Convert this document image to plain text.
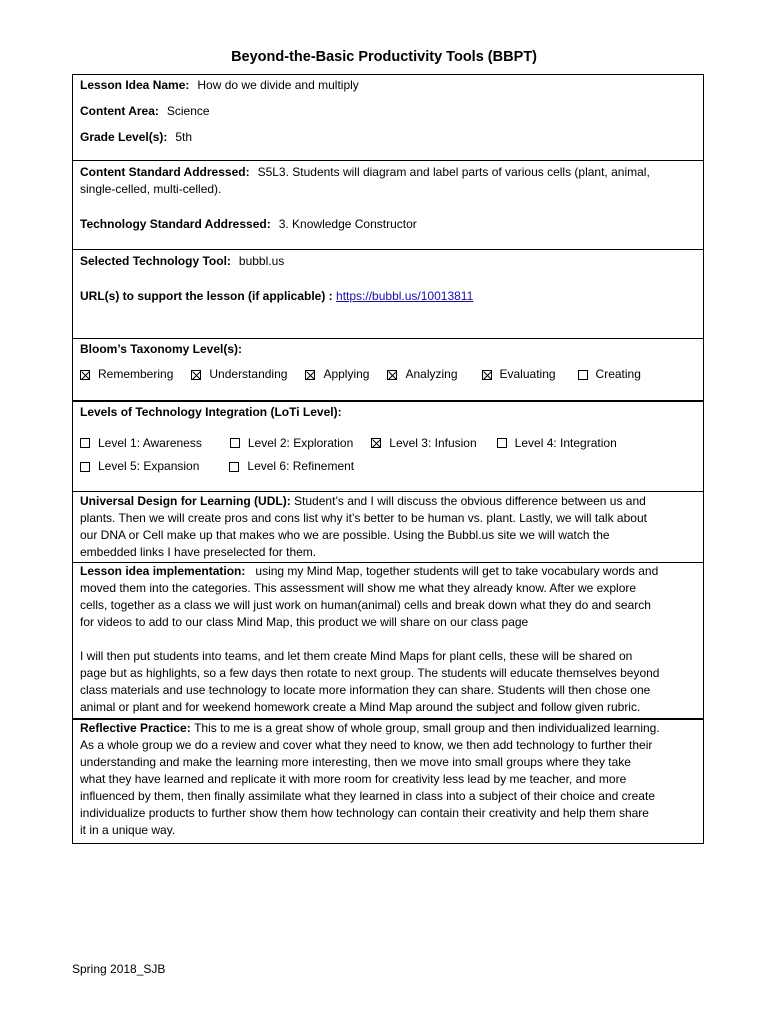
Beyond-the-Basic Productivity Tools (BBPT)
Lesson Idea Name: How do we divide and multiply
Content Area: Science
Grade Level(s): 5th
Content Standard Addressed: S5L3. Students will diagram and label parts of various cells (plant, animal,
single-celled, multi-celled).
Technology Standard Addressed: 3. Knowledge Constructor
Selected Technology Tool: bubbl.us
URL(s) to support the lesson (if applicable) : https://bubbl.us/10013811
Bloom’s Taxonomy Level(s):
Remembering	Understanding	Applying	Analyzing	Evaluating	Creating
Levels of Technology Integration (LoTi Level):
Level 1: Awareness	Level 2: Exploration	Level 3: Infusion	Level 4: Integration
Level 5: Expansion	Level 6: Refinement
Universal Design for Learning (UDL): Student’s and I will discuss the obvious difference between us and
plants. Then we will create pros and cons list why it’s better to be human vs. plant. Lastly, we will talk about
our DNA or Cell make up that makes who we are possible. Using the Bubbl.us site we will watch the
embedded links I have preselected for them.
Lesson idea implementation: using my Mind Map, together students will get to take vocabulary words and
moved them into the categories. This assessment will show me what they already know. After we explore
cells, together as a class we will just work on human(animal) cells and break down what they do and search
for videos to add to our class Mind Map, this product we will share on our class page
I will then put students into teams, and let them create Mind Maps for plant cells, these will be shared on
page but as highlights, so a few days then rotate to next group. The students will educate themselves beyond
class materials and use technology to locate more information they can share. Students will then chose one
animal or plant and for weekend homework create a Mind Map around the subject and follow given rubric.
Reflective Practice: This to me is a great show of whole group, small group and then individualized learning.
As a whole group we do a review and cover what they need to know, we then add technology to further their
understanding and make the learning more interesting, then we move into small groups where they take
what they have learned and replicate it with more room for creativity less lead by me teacher, and more
influenced by them, then finally assimilate what they learned in class into a subject of their choice and create
individualize products to further show them how technology can contain their creativity and help them share
it in a unique way.
Spring 2018_SJB
